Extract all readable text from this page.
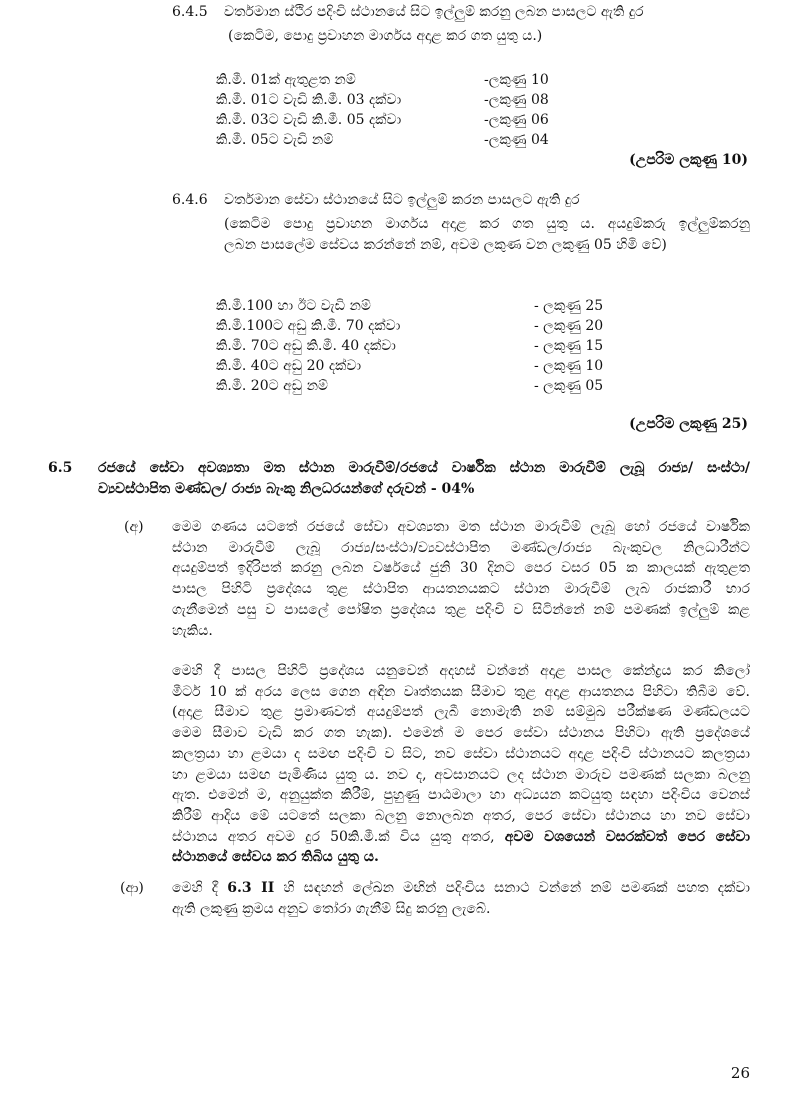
6.4.5 වර්තමාන ස්ථිර පදිංචි ස්ථානයේ සිට ඉල්ලුම් කරනු ලබන පාසලට ඇති දුර
(කෙටිම, පොදු ප්‍රවාහන මාර්ගය අදාළ කර ගත යුතු ය.)
කි.මී. 01ක් ඇතුළත නම්	-ලකුණු 10
කි.මී. 01ට වැඩි කි.මී. 03 දක්වා	-ලකුණු 08
කි.මී. 03ට වැඩි කි.මී. 05 දක්වා	-ලකුණු 06
කි.මී. 05ට වැඩි නම්	-ලකුණු 04
(උපරිම ලකුණු 10)
6.4.6 වර්තමාන සේවා ස්ථානයේ සිට ඉල්ලුම් කරන පාසලට ඇති දුර
(කෙටිම පොදු ප්‍රවාහන මාර්ගය අදාළ කර ගත යුතු ය. අයදුම්කරු ඉල්ලුම්කරනු
ලබන පාසලේම සේවය කරන්නේ නම්, අවම ලකුණ වන ලකුණු 05 හිමි වේ)
කි.මී.100 හා ඊට වැඩි නම්	- ලකුණු 25
කි.මී.100ට අඩු කි.මී. 70 දක්වා	- ලකුණු 20
කි.මී. 70ට අඩු කි.මී. 40 දක්වා	- ලකුණු 15
කි.මී. 40ට අඩු 20 දක්වා	- ලකුණු 10
කි.මී. 20ට අඩු නම්	- ලකුණු 05
(උපරිම ලකුණු 25)
6.5 රජයේ සේවා අවශ්‍යතා මත ස්ථාන මාරුවීම්/රජයේ වාර්ෂික ස්ථාන මාරුවීම් ලැබූ රාජ්‍ය/ සංස්ථා/
ව්‍යවස්ථාපිත මණ්ඩල/ රාජ්‍ය බැංකු නිලධරයන්ගේ දරුවන් - 04%
(අ) මෙම ගණය යටතේ රජයේ සේවා අවශ්‍යතා මත ස්ථාන මාරුවීම් ලැබූ හෝ රජයේ වාර්ෂික
ස්ථාන මාරුවීම් ලැබූ රාජ්‍ය/සංස්ථා/ව්‍යවස්ථාපිත මණ්ඩල/රාජ්‍ය බැංකුවල නිලධාරීන්ට
අයදුම්පත් ඉදිරිපත් කරනු ලබන වර්ෂයේ ජුනි 30 දිනට පෙර වසර 05 ක කාලයක් ඇතුළත
පාසල පිහිටි ප්‍රදේශය තුළ ස්ථාපිත ආයතනයකට ස්ථාන මාරුවීම් ලැබ රාජකාරී භාර
ගැනීමෙන් පසු ව පාසලේ පෝෂිත ප්‍රදේශය තුළ පදිංචි ව සිටින්නේ නම් පමණක් ඉල්ලුම් කළ
හැකිය.
මෙහි දී පාසල පිහිටි ප්‍රදේශය යනුවෙන් අදහස් වන්නේ අදාළ පාසල කේන්ද්‍රය කර කිලෝ
මීටර් 10 ක් අරය ලෙස ගෙන අඳින වෘත්තයක සීමාව තුළ අදාළ ආයතනය පිහිටා තිබීම වේ.
(අදාළ සීමාව තුළ ප්‍රමාණවත් අයදුම්පත් ලැබී නොමැති නම් සම්මුඛ පරීක්ෂණ මණ්ඩලයට
මෙම සීමාව වැඩි කර ගත හැක). එමෙන් ම පෙර සේවා ස්ථානය පිහිටා ඇති ප්‍රදේශයේ
කලත්‍රයා හා ළමයා ද සමඟ පදිංචි ව සිට, නව සේවා ස්ථානයට අදාළ පදිංචි ස්ථානයට කලත්‍රයා
හා ළමයා සමඟ පැමිණිය යුතු ය. නව ද, අවසානයට ලද ස්ථාන මාරුව පමණක් සලකා බලනු
ඇත. එමෙන් ම, අනුයුක්ත කිරීම්, පුහුණු පාඨමාලා හා අධ්‍යයන කටයුතු සඳහා පදිංචිය වෙනස්
කිරීම් ආදිය මේ යටතේ සලකා බලනු නොලබන අතර, පෙර සේවා ස්ථානය හා නව සේවා
ස්ථානය අතර අවම දුර 50කි.මී.ක් විය යුතු අතර, අවම වශයෙන් වසරක්වත් පෙර සේවා
ස්ථානයේ සේවය කර තිබිය යුතු ය.
(ආ) මෙහි දී 6.3 II හි සඳහන් ලේඛන මඟින් පදිංචිය සනාථ වන්නේ නම් පමණක් පහත දක්වා
ඇති ලකුණු ක්‍රමය අනුව තෝරා ගැනීම් සිදු කරනු ලැබේ.
26
